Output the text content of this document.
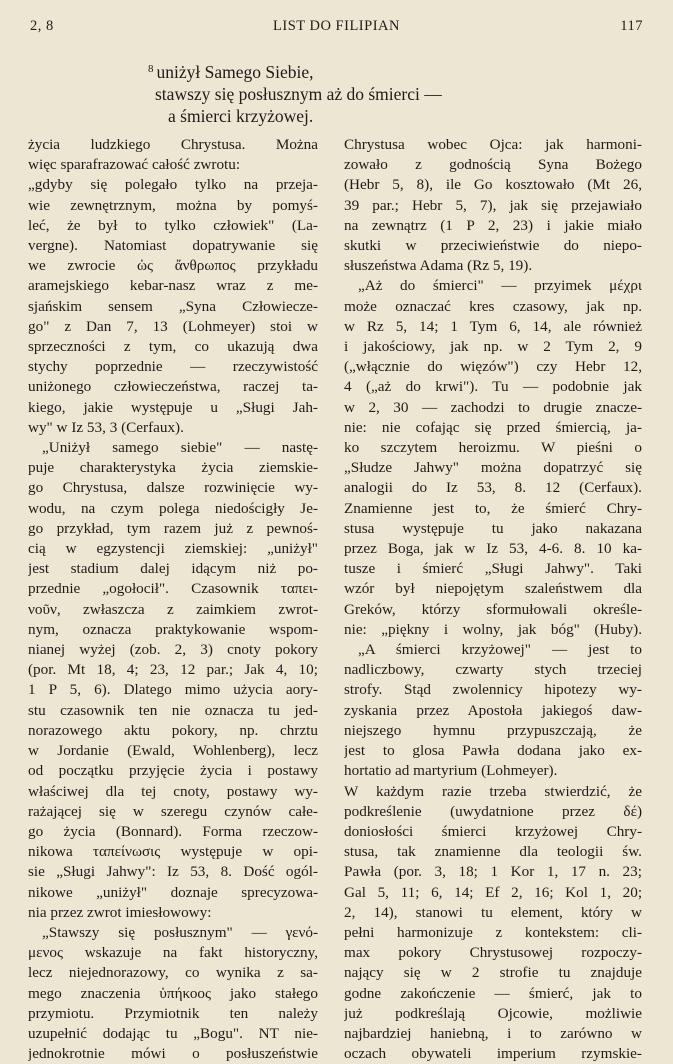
2, 8	LIST DO FILIPIAN	117
$^8$ uniżył Samego Siebie,
stawszy się posłusznym aż do śmierci —
a śmierci krzyżowej.
życia ludzkiego Chrystusa. Można
więc sparafrazować całość zwrotu:
„gdyby się polegało tylko na przeja-
wie zewnętrznym, można by pomyś-
leć, że był to tylko człowiek" (La-
vergne). Natomiast dopatrywanie się
we zwrocie ὡς ἄνθρωπος przykładu
aramejskiego kebar-nasz wraz z me-
sjańskim sensem „Syna Człowiecze-
go" z Dan 7, 13 (Lohmeyer) stoi w
sprzeczności z tym, co ukazują dwa
stychy poprzednie — rzeczywistość
uniżonego człowieczeństwa, raczej ta-
kiego, jakie występuje u „Sługi Jah-
wy" w Iz 53, 3 (Cerfaux).
„Uniżył samego siebie" — nastę-
puje charakterystyka życia ziemskie-
go Chrystusa, dalsze rozwinięcie wy-
wodu, na czym polega niedościgły Je-
go przykład, tym razem już z pewnoś-
cią w egzystencji ziemskiej: „uniżył"
jest stadium dalej idącym niż po-
przednie „ogołocił". Czasownik ταπει-
νοῦν, zwłaszcza z zaimkiem zwrot-
nym, oznacza praktykowanie wspom-
nianej wyżej (zob. 2, 3) cnoty pokory
(por. Mt 18, 4; 23, 12 par.; Jak 4, 10;
1 P 5, 6). Dlatego mimo użycia aory-
stu czasownik ten nie oznacza tu jed-
norazowego aktu pokory, np. chrztu
w Jordanie (Ewald, Wohlenberg), lecz
od początku przyjęcie życia i postawy
właściwej dla tej cnoty, postawy wy-
rażającej się w szeregu czynów całe-
go życia (Bonnard). Forma rzeczow-
nikowa ταπείνωσις występuje w opi-
sie „Sługi Jahwy": Iz 53, 8. Dość ogól-
nikowe „uniżył" doznaje sprecyzowa-
nia przez zwrot imiesłowowy:
„Stawszy się posłusznym" — γενό-
μενος wskazuje na fakt historyczny,
lecz niejednorazowy, co wynika z sa-
mego znaczenia ὑπήκοος jako stałego
przymiotu. Przymiotnik ten należy
uzupełnić dodając tu „Bogu". NT nie-
jednokrotnie mówi o posłuszeństwie
Chrystusa wobec Ojca: jak harmoni-
zowało z godnością Syna Bożego
(Hebr 5, 8), ile Go kosztowało (Mt 26,
39 par.; Hebr 5, 7), jak się przejawiało
na zewnątrz (1 P 2, 23) i jakie miało
skutki w przeciwieństwie do niepo-
słuszeństwa Adama (Rz 5, 19).
„Aż do śmierci" — przyimek μέχρι
może oznaczać kres czasowy, jak np.
w Rz 5, 14; 1 Tym 6, 14, ale również
i jakościowy, jak np. w 2 Tym 2, 9
(„włącznie do więzów") czy Hebr 12,
4 („aż do krwi"). Tu — podobnie jak
w 2, 30 — zachodzi to drugie znacze-
nie: nie cofając się przed śmiercią, ja-
ko szczytem heroizmu. W pieśni o
„Słudze Jahwy" można dopatrzyć się
analogii do Iz 53, 8. 12 (Cerfaux).
Znamienne jest to, że śmierć Chry-
stusa występuje tu jako nakazana
przez Boga, jak w Iz 53, 4-6. 8. 10 ka-
tusze i śmierć „Sługi Jahwy". Taki
wzór był niepojętym szaleństwem dla
Greków, którzy sformułowali określe-
nie: „piękny i wolny, jak bóg" (Huby).
„A śmierci krzyżowej" — jest to
nadliczbowy, czwarty stych trzeciej
strofy. Stąd zwolennicy hipotezy wy-
zyskania przez Apostoła jakiegoś daw-
niejszego hymnu przypuszczają, że
jest to glosa Pawła dodana jako ex-
hortatio ad martyrium (Lohmeyer).
W każdym razie trzeba stwierdzić, że
podkreślenie (uwydatnione przez δέ)
doniosłości śmierci krzyżowej Chry-
stusa, tak znamienne dla teologii św.
Pawła (por. 3, 18; 1 Kor 1, 17 n. 23;
Gal 5, 11; 6, 14; Ef 2, 16; Kol 1, 20;
2, 14), stanowi tu element, który w
pełni harmonizuje z kontekstem: cli-
max pokory Chrystusowej rozpoczy-
nający się w 2 strofie tu znajduje
godne zakończenie — śmierć, jak to
już podkreślają Ojcowie, możliwie
najbardziej haniebną, i to zarówno w
oczach obywateli imperium rzymskie-
